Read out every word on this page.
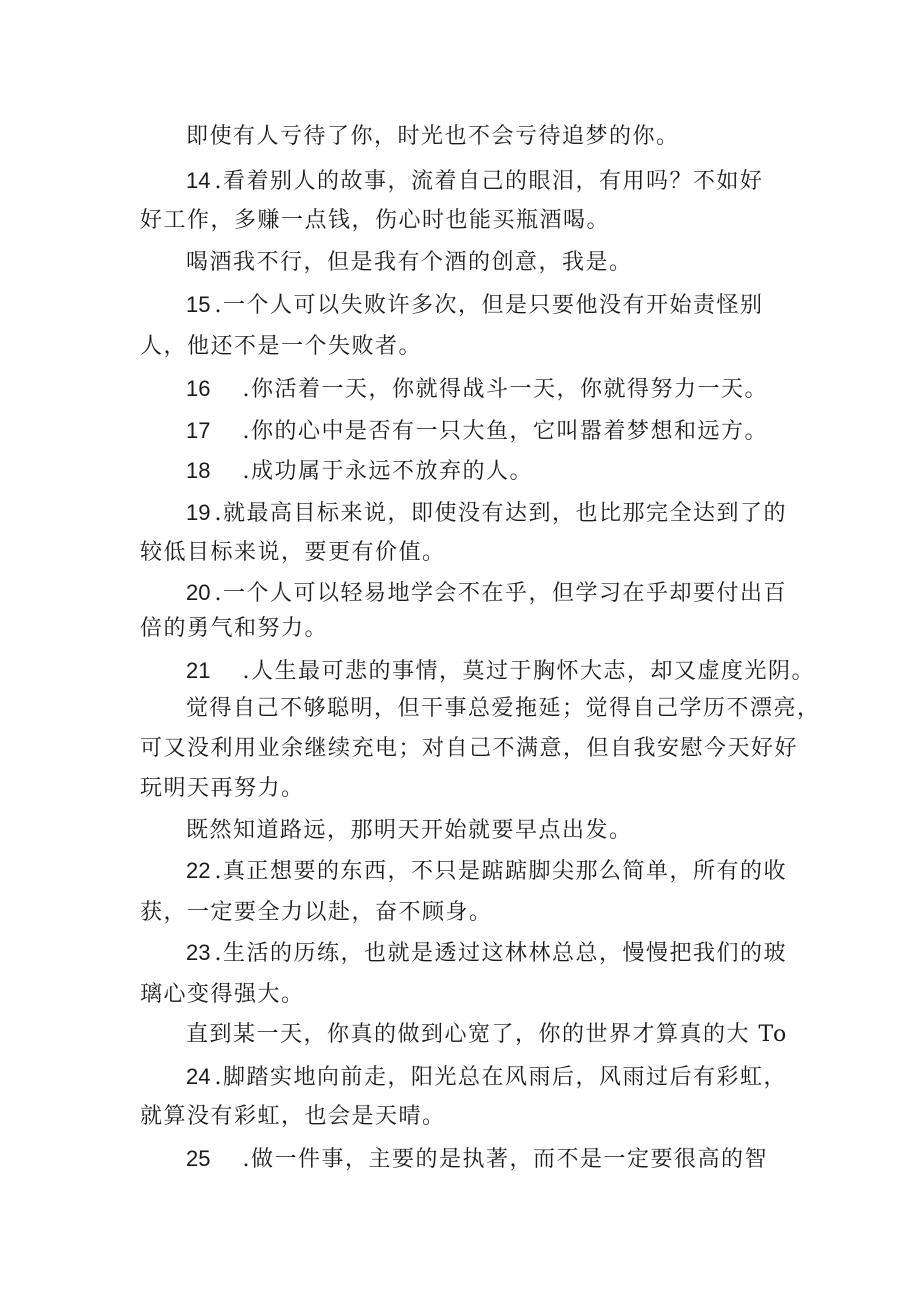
即使有人亏待了你，时光也不会亏待追梦的你。
14 .看着别人的故事，流着自己的眼泪，有用吗？不如好
好工作，多赚一点钱，伤心时也能买瓶酒喝。
喝酒我不行，但是我有个酒的创意，我是。
15 .一个人可以失败许多次，但是只要他没有开始责怪别
人，他还不是一个失败者。
16 .你活着一天，你就得战斗一天，你就得努力一天。
17 .你的心中是否有一只大鱼，它叫嚣着梦想和远方。
18 .成功属于永远不放弃的人。
19 .就最高目标来说，即使没有达到，也比那完全达到了的
较低目标来说，要更有价值。
20 .一个人可以轻易地学会不在乎，但学习在乎却要付出百
倍的勇气和努力。
21 .人生最可悲的事情，莫过于胸怀大志，却又虚度光阴。
觉得自己不够聪明，但干事总爱拖延；觉得自己学历不漂亮，
可又没利用业余继续充电；对自己不满意，但自我安慰今天好好
玩明天再努力。
既然知道路远，那明天开始就要早点出发。
22 .真正想要的东西，不只是踮踮脚尖那么简单，所有的收
获，一定要全力以赴，奋不顾身。
23 .生活的历练，也就是透过这林林总总，慢慢把我们的玻
璃心变得强大。
直到某一天，你真的做到心宽了，你的世界才算真的大 To
24 .脚踏实地向前走，阳光总在风雨后，风雨过后有彩虹，
就算没有彩虹，也会是天晴。
25 .做一件事，主要的是执著，而不是一定要很高的智
